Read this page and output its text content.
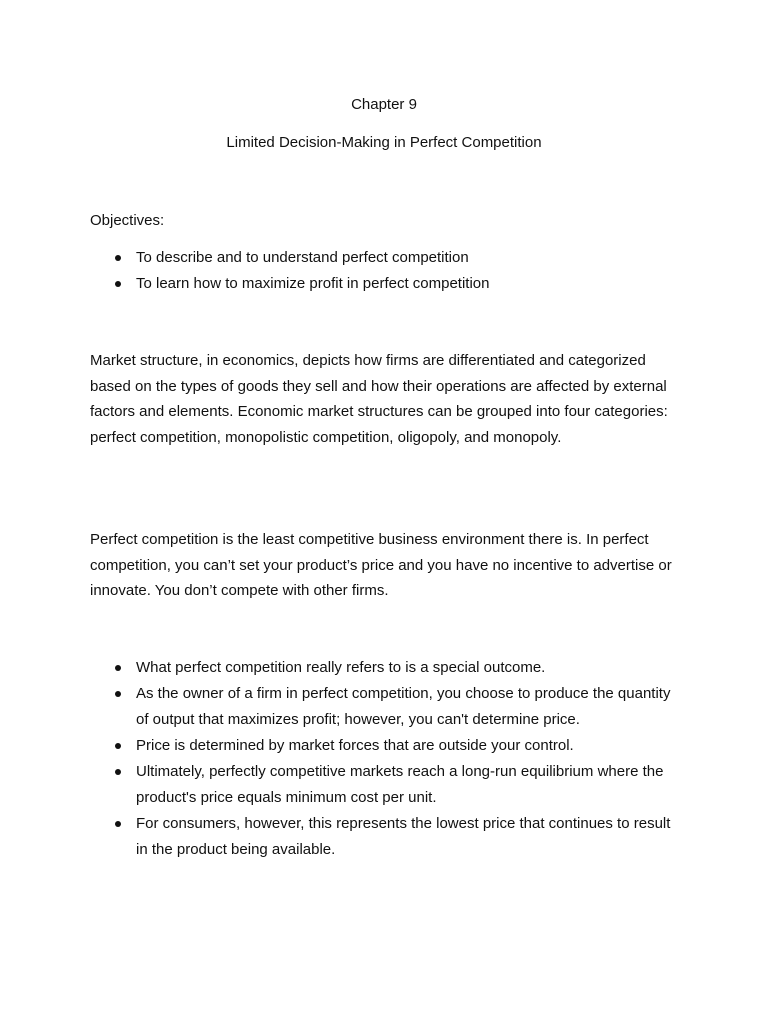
Chapter 9
Limited Decision-Making in Perfect Competition
Objectives:
To describe and to understand perfect competition
To learn how to maximize profit in perfect competition

Market structure, in economics, depicts how firms are differentiated and categorized based on the types of goods they sell and how their operations are affected by external factors and elements. Economic market structures can be grouped into four categories: perfect competition, monopolistic competition, oligopoly, and monopoly.

Perfect competition is the least competitive business environment there is. In perfect competition, you can’t set your product’s price and you have no incentive to advertise or innovate. You don’t compete with other firms.

What perfect competition really refers to is a special outcome.
As the owner of a firm in perfect competition, you choose to produce the quantity of output that maximizes profit; however, you can't determine price.
Price is determined by market forces that are outside your control.
Ultimately, perfectly competitive markets reach a long-run equilibrium where the product's price equals minimum cost per unit.
For consumers, however, this represents the lowest price that continues to result in the product being available.
